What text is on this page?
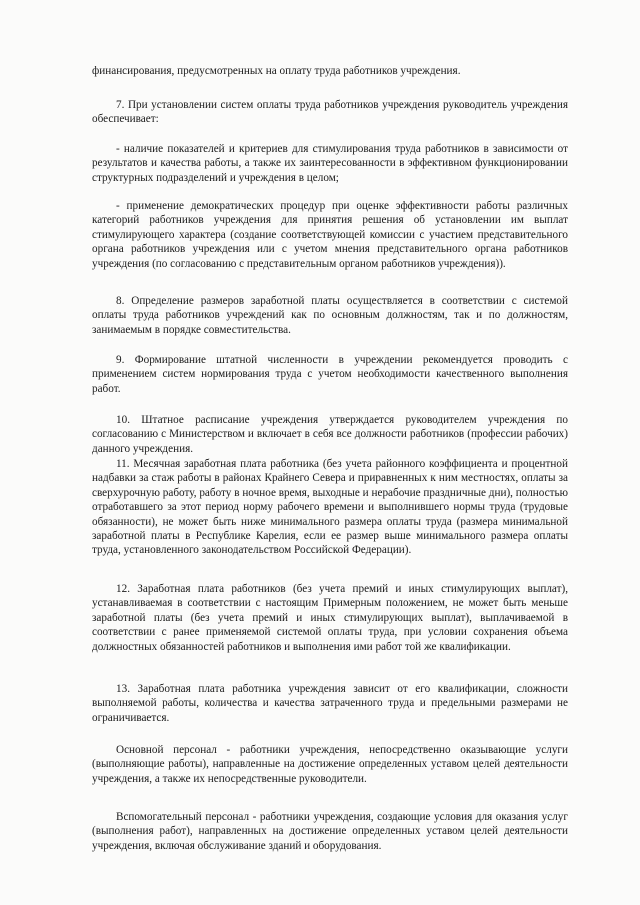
финансирования, предусмотренных на оплату труда работников учреждения.

7. При установлении систем оплаты труда работников учреждения руководитель учреждения обеспечивает:

- наличие показателей и критериев для стимулирования труда работников в зависимости от результатов и качества работы, а также их заинтересованности в эффективном функционировании структурных подразделений и учреждения в целом;

- применение демократических процедур при оценке эффективности работы различных категорий работников учреждения для принятия решения об установлении им выплат стимулирующего характера (создание соответствующей комиссии с участием представительного органа работников учреждения или с учетом мнения представительного органа работников учреждения (по согласованию с представительным органом работников учреждения)).

8. Определение размеров заработной платы осуществляется в соответствии с системой оплаты труда работников учреждений как по основным должностям, так и по должностям, занимаемым в порядке совместительства.

9. Формирование штатной численности в учреждении рекомендуется проводить с применением систем нормирования труда с учетом необходимости качественного выполнения работ.

10. Штатное расписание учреждения утверждается руководителем учреждения по согласованию с Министерством и включает в себя все должности работников (профессии рабочих) данного учреждения.

11. Месячная заработная плата работника (без учета районного коэффициента и процентной надбавки за стаж работы в районах Крайнего Севера и приравненных к ним местностях, оплаты за сверхурочную работу, работу в ночное время, выходные и нерабочие праздничные дни), полностью отработавшего за этот период норму рабочего времени и выполнившего нормы труда (трудовые обязанности), не может быть ниже минимального размера оплаты труда (размера минимальной заработной платы в Республике Карелия, если ее размер выше минимального размера оплаты труда, установленного законодательством Российской Федерации).

12. Заработная плата работников (без учета премий и иных стимулирующих выплат), устанавливаемая в соответствии с настоящим Примерным положением, не может быть меньше заработной платы (без учета премий и иных стимулирующих выплат), выплачиваемой в соответствии с ранее применяемой системой оплаты труда, при условии сохранения объема должностных обязанностей работников и выполнения ими работ той же квалификации.

13. Заработная плата работника учреждения зависит от его квалификации, сложности выполняемой работы, количества и качества затраченного труда и предельными размерами не ограничивается.

Основной персонал - работники учреждения, непосредственно оказывающие услуги (выполняющие работы), направленные на достижение определенных уставом целей деятельности учреждения, а также их непосредственные руководители.

Вспомогательный персонал - работники учреждения, создающие условия для оказания услуг (выполнения работ), направленных на достижение определенных уставом целей деятельности учреждения, включая обслуживание зданий и оборудования.
